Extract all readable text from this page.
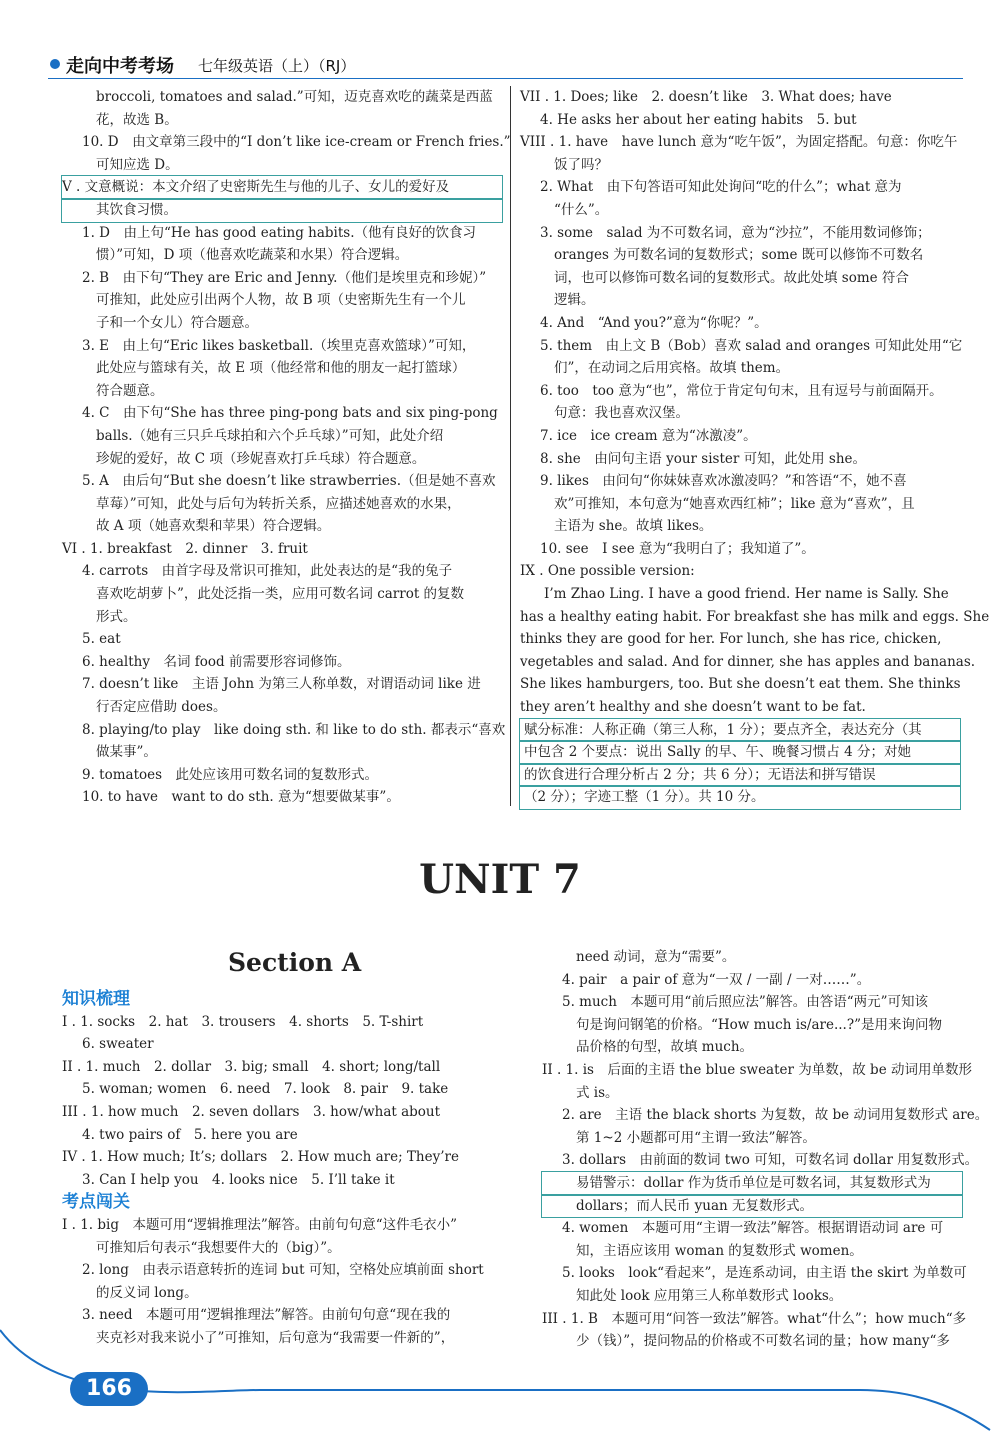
走向中考考场 七年级英语（上）（RJ）
broccoli, tomatoes and salad.”可知，迈克喜欢吃的蔬菜是西蓝
花，故选 B。
10. D　由文章第三段中的“I don’t like ice-cream or French fries.”
可知应选 D。
V . 文意概说：本文介绍了史密斯先生与他的儿子、女儿的爱好及
其饮食习惯。
1. D　由上句“He has good eating habits.（他有良好的饮食习
惯）”可知，D 项（他喜欢吃蔬菜和水果）符合逻辑。
2. B　由下句“They are Eric and Jenny.（他们是埃里克和珍妮）”
可推知，此处应引出两个人物，故 B 项（史密斯先生有一个儿
子和一个女儿）符合题意。
3. E　由上句“Eric likes basketball.（埃里克喜欢篮球）”可知，
此处应与篮球有关，故 E 项（他经常和他的朋友一起打篮球）
符合题意。
4. C　由下句“She has three ping-pong bats and six ping-pong
balls.（她有三只乒乓球拍和六个乒乓球）”可知，此处介绍
珍妮的爱好，故 C 项（珍妮喜欢打乒乓球）符合题意。
5. A　由后句“But she doesn’t like strawberries.（但是她不喜欢
草莓）”可知，此处与后句为转折关系，应描述她喜欢的水果，
故 A 项（她喜欢梨和苹果）符合逻辑。
VI . 1. breakfast　2. dinner　3. fruit
4. carrots　由首字母及常识可推知，此处表达的是“我的兔子
喜欢吃胡萝卜”，此处泛指一类，应用可数名词 carrot 的复数
形式。
5. eat
6. healthy　名词 food 前需要形容词修饰。
7. doesn’t like　主语 John 为第三人称单数，对谓语动词 like 进
行否定应借助 does。
8. playing/to play　like doing sth. 和 like to do sth. 都表示“喜欢
做某事”。
9. tomatoes　此处应该用可数名词的复数形式。
10. to have　want to do sth. 意为“想要做某事”。
VII . 1. Does; like　2. doesn’t like　3. What does; have
4. He asks her about her eating habits　5. but
VIII . 1. have　have lunch 意为“吃午饭”，为固定搭配。句意：你吃午
饭了吗？
2. What　由下句答语可知此处询问“吃的什么”；what 意为
“什么”。
3. some　salad 为不可数名词，意为“沙拉”，不能用数词修饰；
oranges 为可数名词的复数形式；some 既可以修饰不可数名
词，也可以修饰可数名词的复数形式。故此处填 some 符合
逻辑。
4. And　“And you?”意为“你呢？”。
5. them　由上文 B（Bob）喜欢 salad and oranges 可知此处用“它
们”，在动词之后用宾格。故填 them。
6. too　too 意为“也”，常位于肯定句句末，且有逗号与前面隔开。
句意：我也喜欢汉堡。
7. ice　ice cream 意为“冰激凌”。
8. she　由问句主语 your sister 可知，此处用 she。
9. likes　由问句“你妹妹喜欢冰激凌吗？”和答语“不，她不喜
欢”可推知，本句意为“她喜欢西红柿”；like 意为“喜欢”，且
主语为 she。故填 likes。
10. see　I see 意为“我明白了；我知道了”。
IX . One possible version:
I’m Zhao Ling. I have a good friend. Her name is Sally. She
has a healthy eating habit. For breakfast she has milk and eggs. She
thinks they are good for her. For lunch, she has rice, chicken,
vegetables and salad. And for dinner, she has apples and bananas.
She likes hamburgers, too. But she doesn’t eat them. She thinks
they aren’t healthy and she doesn’t want to be fat.
赋分标准：人称正确（第三人称，1 分）；要点齐全，表达充分（其
中包含 2 个要点：说出 Sally 的早、午、晚餐习惯占 4 分；对她
的饮食进行合理分析占 2 分；共 6 分）；无语法和拼写错误
（2 分）；字迹工整（1 分）。共 10 分。
UNIT 7
Section A
知识梳理
I . 1. socks　2. hat　3. trousers　4. shorts　5. T-shirt
6. sweater
II . 1. much　2. dollar　3. big; small　4. short; long/tall
5. woman; women　6. need　7. look　8. pair　9. take
III . 1. how much　2. seven dollars　3. how/what about
4. two pairs of　5. here you are
IV . 1. How much; It’s; dollars　2. How much are; They’re
3. Can I help you　4. looks nice　5. I’ll take it
考点闯关
I . 1. big　本题可用“逻辑推理法”解答。由前句句意“这件毛衣小”
可推知后句表示“我想要件大的（big）”。
2. long　由表示语意转折的连词 but 可知，空格处应填前面 short
的反义词 long。
3. need　本题可用“逻辑推理法”解答。由前句句意“现在我的
夹克衫对我来说小了”可推知，后句意为“我需要一件新的”，
need 动词，意为“需要”。
4. pair　a pair of 意为“一双 / 一副 / 一对……”。
5. much　本题可用“前后照应法”解答。由答语“两元”可知该
句是询问钢笔的价格。“How much is/are...?”是用来询问物
品价格的句型，故填 much。
II . 1. is　后面的主语 the blue sweater 为单数，故 be 动词用单数形
式 is。
2. are　主语 the black shorts 为复数，故 be 动词用复数形式 are。
第 1~2 小题都可用“主谓一致法”解答。
3. dollars　由前面的数词 two 可知，可数名词 dollar 用复数形式。
易错警示：dollar 作为货币单位是可数名词，其复数形式为
dollars；而人民币 yuan 无复数形式。
4. women　本题可用“主谓一致法”解答。根据谓语动词 are 可
知，主语应该用 woman 的复数形式 women。
5. looks　look“看起来”，是连系动词，由主语 the skirt 为单数可
知此处 look 应用第三人称单数形式 looks。
III . 1. B　本题可用“问答一致法”解答。what“什么”；how much“多
少（钱）”，提问物品的价格或不可数名词的量；how many“多
166
